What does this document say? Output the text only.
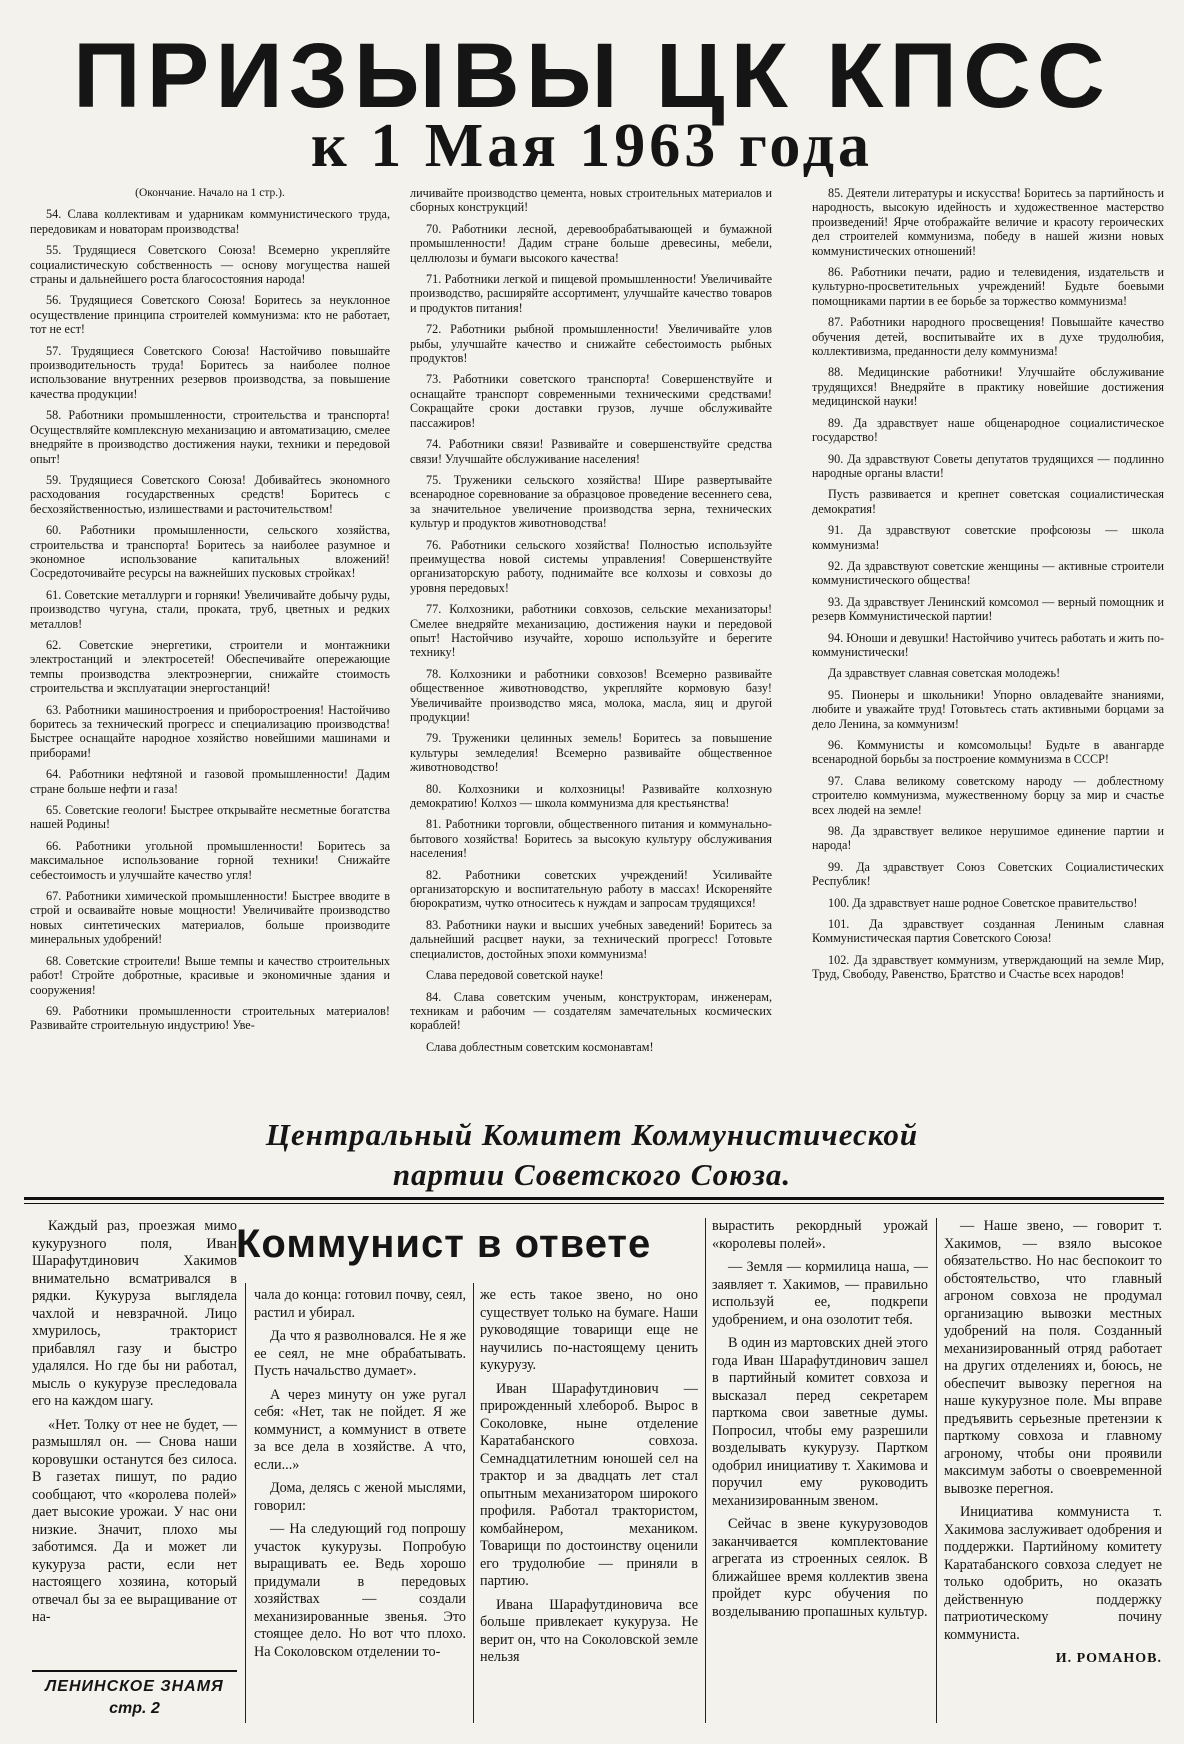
ПРИЗЫВЫ ЦК КПСС
к 1 Мая 1963 года

(Окончание. Начало на 1 стр.).

54. Слава коллективам и ударникам коммунистического труда, передовикам и новаторам производства!

55. Трудящиеся Советского Союза! Всемерно укрепляйте социалистическую собственность — основу могущества нашей страны и дальнейшего роста благосостояния народа!

56. Трудящиеся Советского Союза! Боритесь за неуклонное осуществление принципа строителей коммунизма: кто не работает, тот не ест!

57. Трудящиеся Советского Союза! Настойчиво повышайте производительность труда! Боритесь за наиболее полное использование внутренних резервов производства, за повышение качества продукции!

58. Работники промышленности, строительства и транспорта! Осуществляйте комплексную механизацию и автоматизацию, смелее внедряйте в производство достижения науки, техники и передовой опыт!

59. Трудящиеся Советского Союза! Добивайтесь экономного расходования государственных средств! Боритесь с бесхозяйственностью, излишествами и расточительством!

60. Работники промышленности, сельского хозяйства, строительства и транспорта! Боритесь за наиболее разумное и экономное использование капитальных вложений! Сосредоточивайте ресурсы на важнейших пусковых стройках!

61. Советские металлурги и горняки! Увеличивайте добычу руды, производство чугуна, стали, проката, труб, цветных и редких металлов!

62. Советские энергетики, строители и монтажники электростанций и электросетей! Обеспечивайте опережающие темпы производства электроэнергии, снижайте стоимость строительства и эксплуатации энергостанций!

63. Работники машиностроения и приборостроения! Настойчиво боритесь за технический прогресс и специализацию производства! Быстрее оснащайте народное хозяйство новейшими машинами и приборами!

64. Работники нефтяной и газовой промышленности! Дадим стране больше нефти и газа!

65. Советские геологи! Быстрее открывайте несметные богатства нашей Родины!

66. Работники угольной промышленности! Боритесь за максимальное использование горной техники! Снижайте себестоимость и улучшайте качество угля!

67. Работники химической промышленности! Быстрее вводите в строй и осваивайте новые мощности! Увеличивайте производство новых синтетических материалов, больше производите минеральных удобрений!

68. Советские строители! Выше темпы и качество строительных работ! Стройте добротные, красивые и экономичные здания и сооружения!

69. Работники промышленности строительных материалов! Развивайте строительную индустрию! Уве-

личивайте производство цемента, новых строительных материалов и сборных конструкций!

70. Работники лесной, деревообрабатывающей и бумажной промышленности! Дадим стране больше древесины, мебели, целлюлозы и бумаги высокого качества!

71. Работники легкой и пищевой промышленности! Увеличивайте производство, расширяйте ассортимент, улучшайте качество товаров и продуктов питания!

72. Работники рыбной промышленности! Увеличивайте улов рыбы, улучшайте качество и снижайте себестоимость рыбных продуктов!

73. Работники советского транспорта! Совершенствуйте и оснащайте транспорт современными техническими средствами! Сокращайте сроки доставки грузов, лучше обслуживайте пассажиров!

74. Работники связи! Развивайте и совершенствуйте средства связи! Улучшайте обслуживание населения!

75. Труженики сельского хозяйства! Шире развертывайте всенародное соревнование за образцовое проведение весеннего сева, за значительное увеличение производства зерна, технических культур и продуктов животноводства!

76. Работники сельского хозяйства! Полностью используйте преимущества новой системы управления! Совершенствуйте организаторскую работу, поднимайте все колхозы и совхозы до уровня передовых!

77. Колхозники, работники совхозов, сельские механизаторы! Смелее внедряйте механизацию, достижения науки и передовой опыт! Настойчиво изучайте, хорошо используйте и берегите технику!

78. Колхозники и работники совхозов! Всемерно развивайте общественное животноводство, укрепляйте кормовую базу! Увеличивайте производство мяса, молока, масла, яиц и другой продукции!

79. Труженики целинных земель! Боритесь за повышение культуры земледелия! Всемерно развивайте общественное животноводство!

80. Колхозники и колхозницы! Развивайте колхозную демократию! Колхоз — школа коммунизма для крестьянства!

81. Работники торговли, общественного питания и коммунально-бытового хозяйства! Боритесь за высокую культуру обслуживания населения!

82. Работники советских учреждений! Усиливайте организаторскую и воспитательную работу в массах! Искореняйте бюрократизм, чутко относитесь к нуждам и запросам трудящихся!

83. Работники науки и высших учебных заведений! Боритесь за дальнейший расцвет науки, за технический прогресс! Готовьте специалистов, достойных эпохи коммунизма!

Слава передовой советской науке!

84. Слава советским ученым, конструкторам, инженерам, техникам и рабочим — создателям замечательных космических кораблей!

Слава доблестным советским космонавтам!

85. Деятели литературы и искусства! Боритесь за партийность и народность, высокую идейность и художественное мастерство произведений! Ярче отображайте величие и красоту героических дел строителей коммунизма, победу в нашей жизни новых коммунистических отношений!

86. Работники печати, радио и телевидения, издательств и культурно-просветительных учреждений! Будьте боевыми помощниками партии в ее борьбе за торжество коммунизма!

87. Работники народного просвещения! Повышайте качество обучения детей, воспитывайте их в духе трудолюбия, коллективизма, преданности делу коммунизма!

88. Медицинские работники! Улучшайте обслуживание трудящихся! Внедряйте в практику новейшие достижения медицинской науки!

89. Да здравствует наше общенародное социалистическое государство!

90. Да здравствуют Советы депутатов трудящихся — подлинно народные органы власти!

Пусть развивается и крепнет советская социалистическая демократия!

91. Да здравствуют советские профсоюзы — школа коммунизма!

92. Да здравствуют советские женщины — активные строители коммунистического общества!

93. Да здравствует Ленинский комсомол — верный помощник и резерв Коммунистической партии!

94. Юноши и девушки! Настойчиво учитесь работать и жить по-коммунистически!

Да здравствует славная советская молодежь!

95. Пионеры и школьники! Упорно овладевайте знаниями, любите и уважайте труд! Готовьтесь стать активными борцами за дело Ленина, за коммунизм!

96. Коммунисты и комсомольцы! Будьте в авангарде всенародной борьбы за построение коммунизма в СССР!

97. Слава великому советскому народу — доблестному строителю коммунизма, мужественному борцу за мир и счастье всех людей на земле!

98. Да здравствует великое нерушимое единение партии и народа!

99. Да здравствует Союз Советских Социалистических Республик!

100. Да здравствует наше родное Советское правительство!

101. Да здравствует созданная Лениным славная Коммунистическая партия Советского Союза!

102. Да здравствует коммунизм, утверждающий на земле Мир, Труд, Свободу, Равенство, Братство и Счастье всех народов!

Центральный Комитет Коммунистической
партии Советского Союза.
Коммунист в ответе

Каждый раз, проезжая мимо кукурузного поля, Иван Шарафутдинович Хакимов внимательно всматривался в рядки. Кукуруза выглядела чахлой и невзрачной. Лицо хмурилось, тракторист прибавлял газу и быстро удалялся. Но где бы ни работал, мысль о кукурузе преследовала его на каждом шагу.

«Нет. Толку от нее не будет, — размышлял он. — Снова наши коровушки останутся без силоса. В газетах пишут, по радио сообщают, что «королева полей» дает высокие урожаи. У нас они низкие. Значит, плохо мы заботимся. Да и может ли кукуруза расти, если нет настоящего хозяина, который отвечал бы за ее выращивание от на-

чала до конца: готовил почву, сеял, растил и убирал.

Да что я разволновался. Не я же ее сеял, не мне обрабатывать. Пусть начальство думает».

А через минуту он уже ругал себя: «Нет, так не пойдет. Я же коммунист, а коммунист в ответе за все дела в хозяйстве. А что, если...»

Дома, делясь с женой мыслями, говорил:

— На следующий год попрошу участок кукурузы. Попробую выращивать ее. Ведь хорошо придумали в передовых хозяйствах — создали механизированные звенья. Это стоящее дело. Но вот что плохо. На Соколовском отделении то-

же есть такое звено, но оно существует только на бумаге. Наши руководящие товарищи еще не научились по-настоящему ценить кукурузу.

Иван Шарафутдинович — прирожденный хлебороб. Вырос в Соколовке, ныне отделение Каратабанского совхоза. Семнадцатилетним юношей сел на трактор и за двадцать лет стал опытным механизатором широкого профиля. Работал трактористом, комбайнером, механиком. Товарищи по достоинству оценили его трудолюбие — приняли в партию.

Ивана Шарафутдиновича все больше привлекает кукуруза. Не верит он, что на Соколовской земле нельзя

вырастить рекордный урожай «королевы полей».

— Земля — кормилица наша, — заявляет т. Хакимов, — правильно используй ее, подкрепи удобрением, и она озолотит тебя.

В один из мартовских дней этого года Иван Шарафутдинович зашел в партийный комитет совхоза и высказал перед секретарем парткома свои заветные думы. Попросил, чтобы ему разрешили возделывать кукурузу. Партком одобрил инициативу т. Хакимова и поручил ему руководить механизированным звеном.

Сейчас в звене кукурузоводов заканчивается комплектование агрегата из строенных сеялок. В ближайшее время коллектив звена пройдет курс обучения по возделыванию пропашных культур.

— Наше звено, — говорит т. Хакимов, — взяло высокое обязательство. Но нас беспокоит то обстоятельство, что главный агроном совхоза не продумал организацию вывозки местных удобрений на поля. Созданный механизированный отряд работает на других отделениях и, боюсь, не обеспечит вывозку перегноя на наше кукурузное поле. Мы вправе предъявить серьезные претензии к парткому совхоза и главному агроному, чтобы они проявили максимум заботы о своевременной вывозке перегноя.

Инициатива коммуниста т. Хакимова заслуживает одобрения и поддержки. Партийному комитету Каратабанского совхоза следует не только одобрить, но оказать действенную поддержку патриотическому почину коммуниста.

И. РОМАНОВ.
ЛЕНИНСКОЕ ЗНАМЯ
стр. 2
